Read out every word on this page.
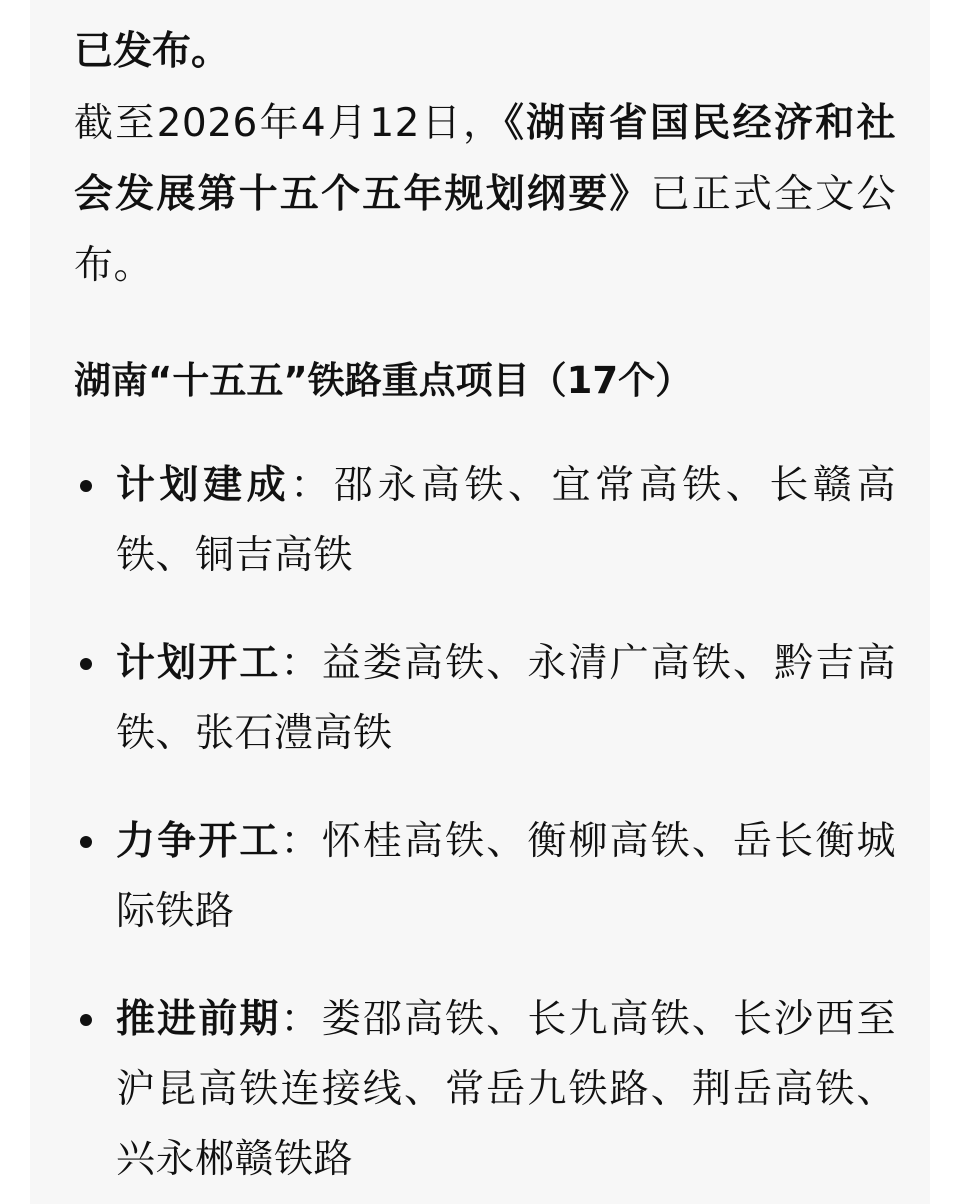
已发布。

截至2026年4月12日，《湖南省国民经济和社会发展第十五个五年规划纲要》已正式全文公布。

湖南“十五五”铁路重点项目（17个）
计划建成：邵永高铁、宜常高铁、长赣高铁、铜吉高铁
计划开工：益娄高铁、永清广高铁、黔吉高铁、张石澧高铁
力争开工：怀桂高铁、衡柳高铁、岳长衡城际铁路
推进前期：娄邵高铁、长九高铁、长沙西至沪昆高铁连接线、常岳九铁路、荆岳高铁、兴永郴赣铁路
